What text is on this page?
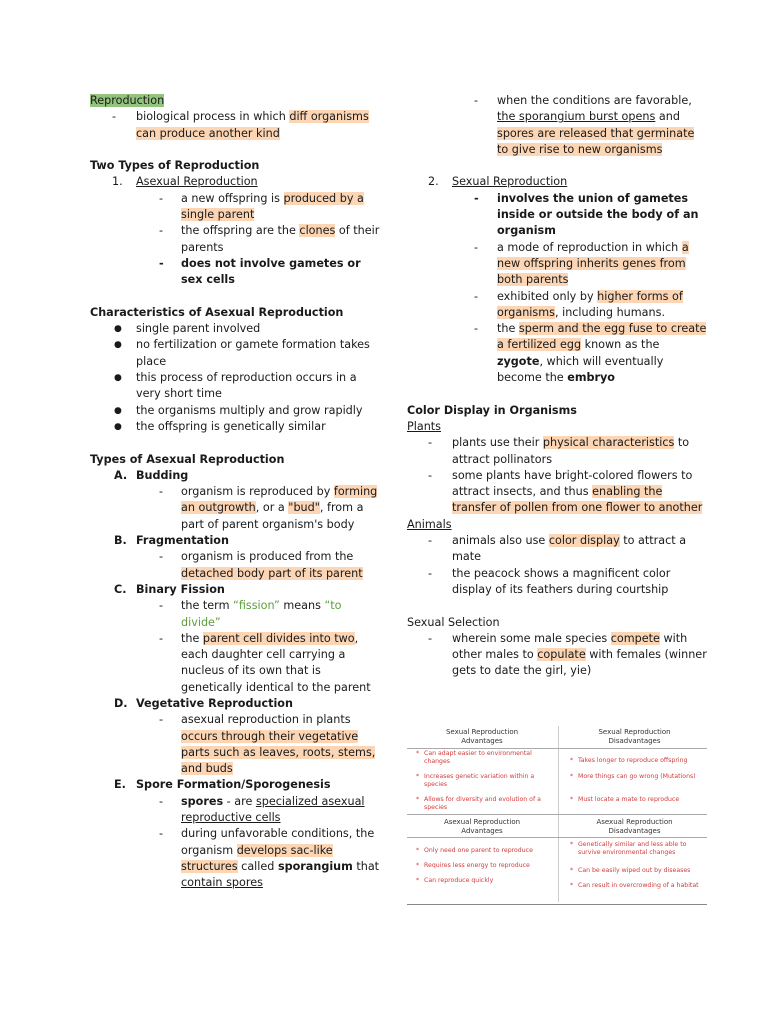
Reproduction
- biological process in which diff organisms can produce another kind
Two Types of Reproduction
1. Asexual Reproduction
- a new offspring is produced by a single parent
- the offspring are the clones of their parents
- does not involve gametes or sex cells
Characteristics of Asexual Reproduction
● single parent involved
● no fertilization or gamete formation takes place
● this process of reproduction occurs in a very short time
● the organisms multiply and grow rapidly
● the offspring is genetically similar
Types of Asexual Reproduction
A. Budding
- organism is reproduced by forming an outgrowth, or a "bud", from a part of parent organism's body
B. Fragmentation
- organism is produced from the detached body part of its parent
C. Binary Fission
- the term “fission” means “to divide”
- the parent cell divides into two, each daughter cell carrying a nucleus of its own that is genetically identical to the parent
D. Vegetative Reproduction
- asexual reproduction in plants occurs through their vegetative parts such as leaves, roots, stems, and buds
E. Spore Formation/Sporogenesis
- spores - are specialized asexual reproductive cells
- during unfavorable conditions, the organism develops sac-like structures called sporangium that contain spores
- when the conditions are favorable, the sporangium burst opens and spores are released that germinate to give rise to new organisms
2. Sexual Reproduction
- involves the union of gametes inside or outside the body of an organism
- a mode of reproduction in which a new offspring inherits genes from both parents
- exhibited only by higher forms of organisms, including humans.
- the sperm and the egg fuse to create a fertilized egg known as the zygote, which will eventually become the embryo
Color Display in Organisms
Plants
- plants use their physical characteristics to attract pollinators
- some plants have bright-colored flowers to attract insects, and thus enabling the transfer of pollen from one flower to another
Animals
- animals also use color display to attract a mate
- the peacock shows a magnificent color display of its feathers during courtship
Sexual Selection
- wherein some male species compete with other males to copulate with females (winner gets to date the girl, yie)
Sexual Reproduction Advantages
Sexual Reproduction Disadvantages
* Can adapt easier to environmental changes
* Increases genetic variation within a species
* Allows for diversity and evolution of a species
* Takes longer to reproduce offspring
* More things can go wrong (Mutations)
* Must locate a mate to reproduce
Asexual Reproduction Advantages
Asexual Reproduction Disadvantages
* Only need one parent to reproduce
* Requires less energy to reproduce
* Can reproduce quickly
* Genetically similar and less able to survive environmental changes
* Can be easily wiped out by diseases
* Can result in overcrowding of a habitat
